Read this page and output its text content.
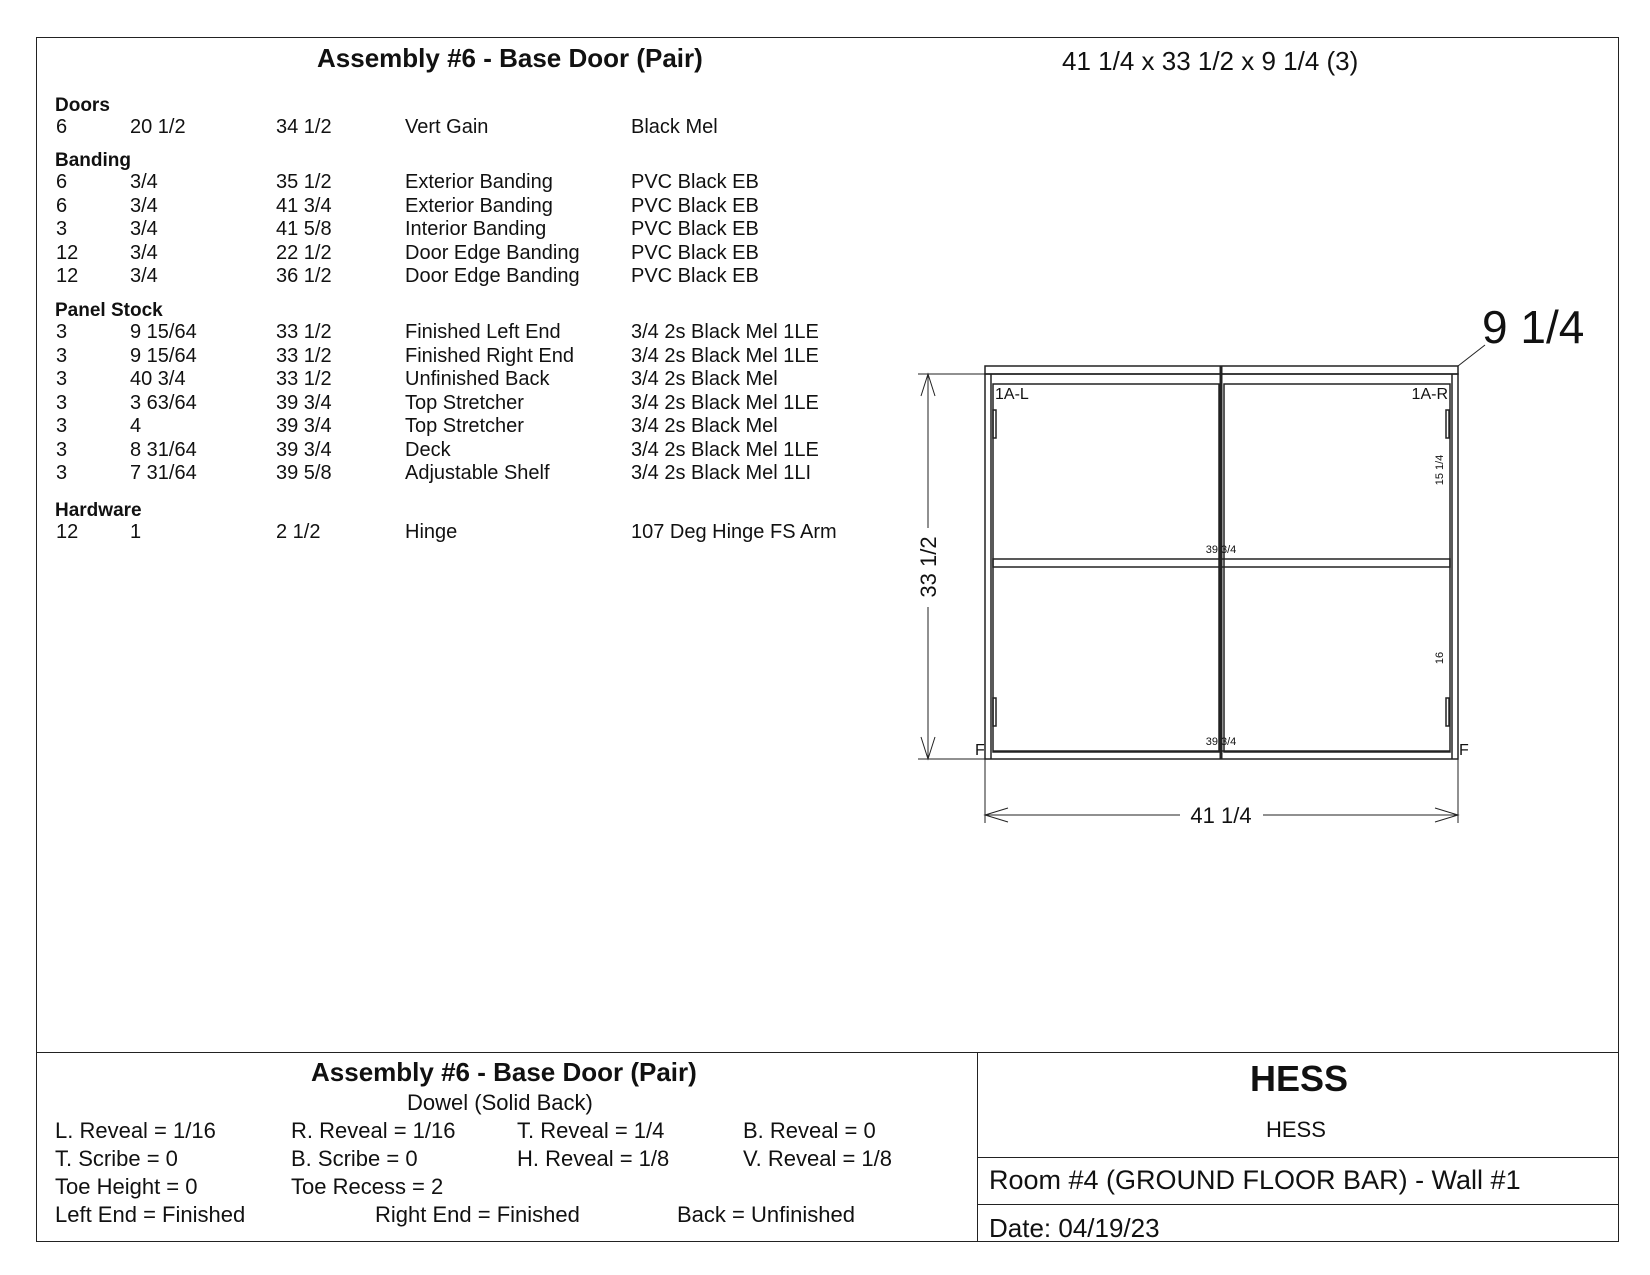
Assembly #6 - Base Door (Pair)	41 1/4 x 33 1/2 x 9 1/4 (3)
Doors
6	20 1/2	34 1/2	Vert Gain	Black Mel
Banding
6	3/4	35 1/2	Exterior Banding	PVC Black EB
6	3/4	41 3/4	Exterior Banding	PVC Black EB
3	3/4	41 5/8	Interior Banding	PVC Black EB
12	3/4	22 1/2	Door Edge Banding	PVC Black EB
12	3/4	36 1/2	Door Edge Banding	PVC Black EB
Panel Stock
3	9 15/64	33 1/2	Finished Left End	3/4 2s Black Mel 1LE
3	9 15/64	33 1/2	Finished Right End	3/4 2s Black Mel 1LE
3	40 3/4	33 1/2	Unfinished Back	3/4 2s Black Mel
3	3 63/64	39 3/4	Top Stretcher	3/4 2s Black Mel 1LE
3	4	39 3/4	Top Stretcher	3/4 2s Black Mel
3	8 31/64	39 3/4	Deck	3/4 2s Black Mel 1LE
3	7 31/64	39 5/8	Adjustable Shelf	3/4 2s Black Mel 1LI
Hardware
12	1	2 1/2	Hinge	107 Deg Hinge FS Arm
9 1/4
33 1/2
41 1/4
1A-L	1A-R
15 1/4
16
39 3/4
39 3/4
F	F
Assembly #6 - Base Door (Pair)
Dowel (Solid Back)
L. Reveal = 1/16	R. Reveal = 1/16	T. Reveal = 1/4	B. Reveal = 0
T. Scribe = 0	B. Scribe = 0	H. Reveal = 1/8	V. Reveal = 1/8
Toe Height = 0	Toe Recess = 2
Left End = Finished	Right End = Finished	Back = Unfinished
HESS
HESS
Room #4 (GROUND FLOOR BAR) - Wall #1
Date: 04/19/23
